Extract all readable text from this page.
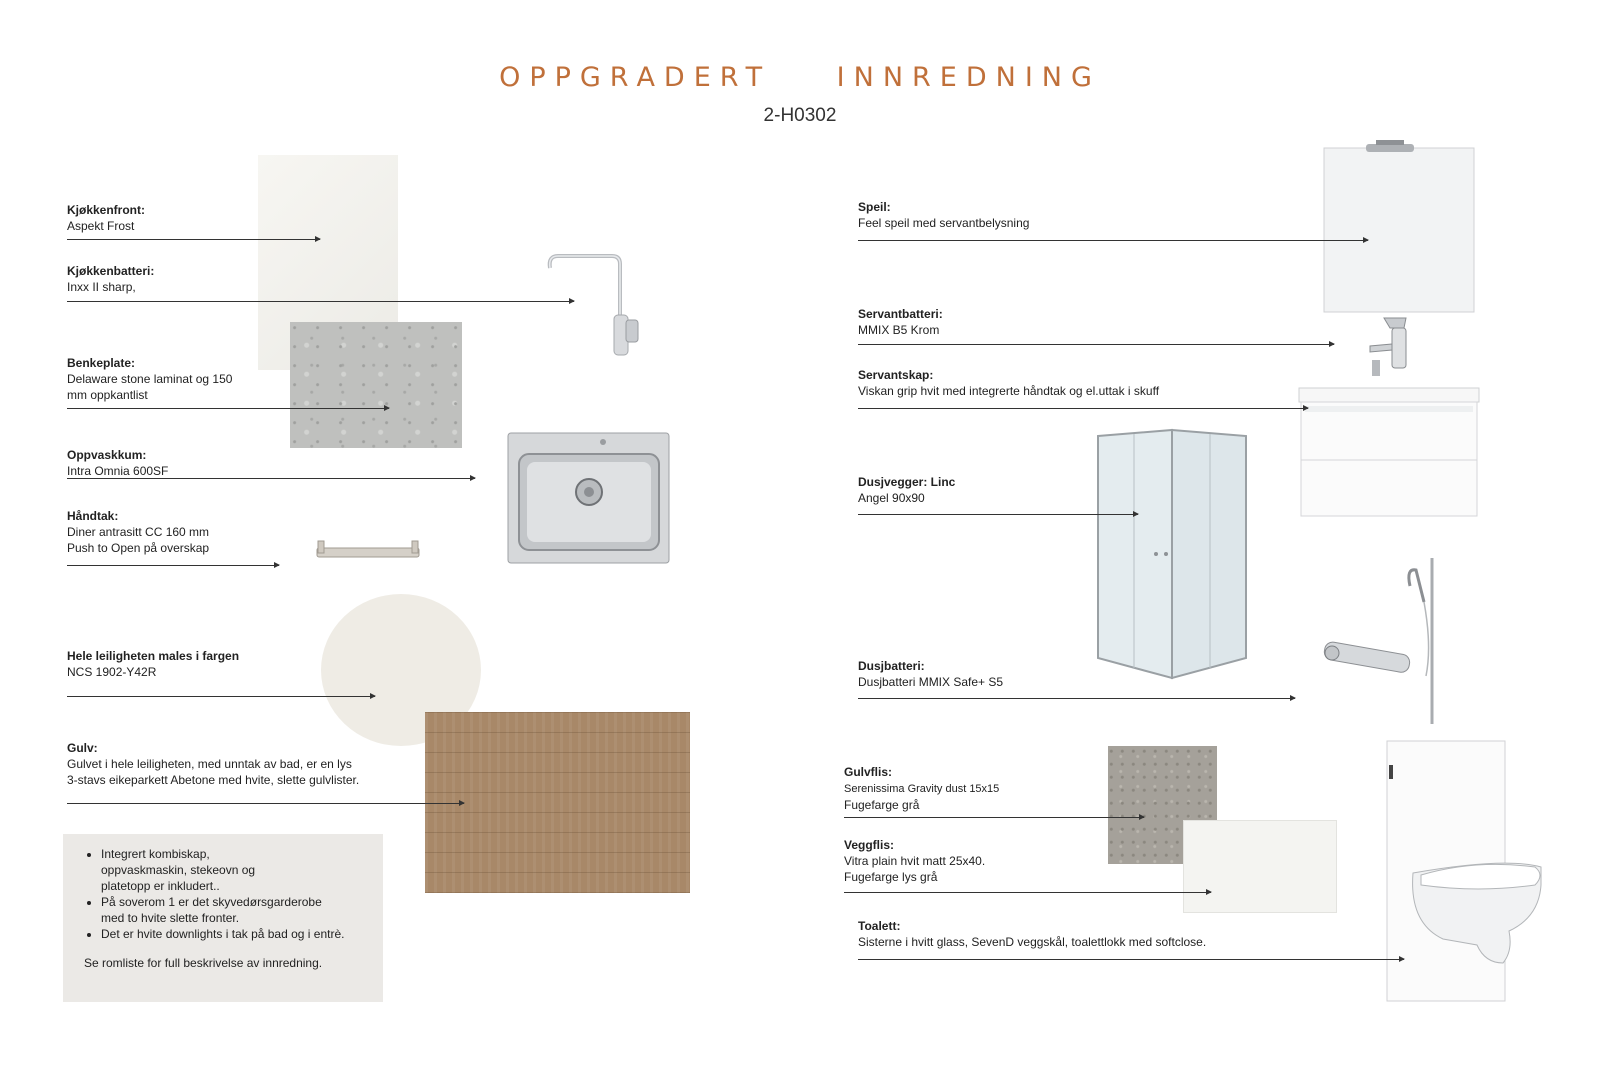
OPPGRADERT INNREDNING
2-H0302
Kjøkkenfront:
Aspekt Frost
Kjøkkenbatteri:
Inxx II sharp,
Benkeplate:
Delaware stone laminat og 150
mm oppkantlist
Oppvaskkum:
Intra Omnia 600SF
Håndtak:
Diner antrasitt CC 160 mm
Push to Open på overskap
Hele leiligheten males i fargen
NCS 1902-Y42R
Gulv:
Gulvet i hele leiligheten, med unntak av bad, er en lys
3-stavs eikeparkett Abetone med hvite, slette gulvlister.
• Integrert kombiskap,
oppvaskmaskin, stekeovn og
platetopp er inkludert..
• På soverom 1 er det skyvedørsgarderobe
med to hvite slette fronter.
• Det er hvite downlights i tak på bad og i entrè.

Se romliste for full beskrivelse av innredning.

Speil:
Feel speil med servantbelysning
Servantbatteri:
MMIX B5 Krom
Servantskap:
Viskan grip hvit med integrerte håndtak og el.uttak i skuff
Dusjvegger: Linc
Angel 90x90
Dusjbatteri:
Dusjbatteri MMIX Safe+ S5
Gulvflis:
Serenissima Gravity dust 15x15
Fugefarge grå
Veggflis:
Vitra plain hvit matt 25x40.
Fugefarge lys grå
Toalett:
Sisterne i hvitt glass, SevenD veggskål, toalettlokk med softclose.
